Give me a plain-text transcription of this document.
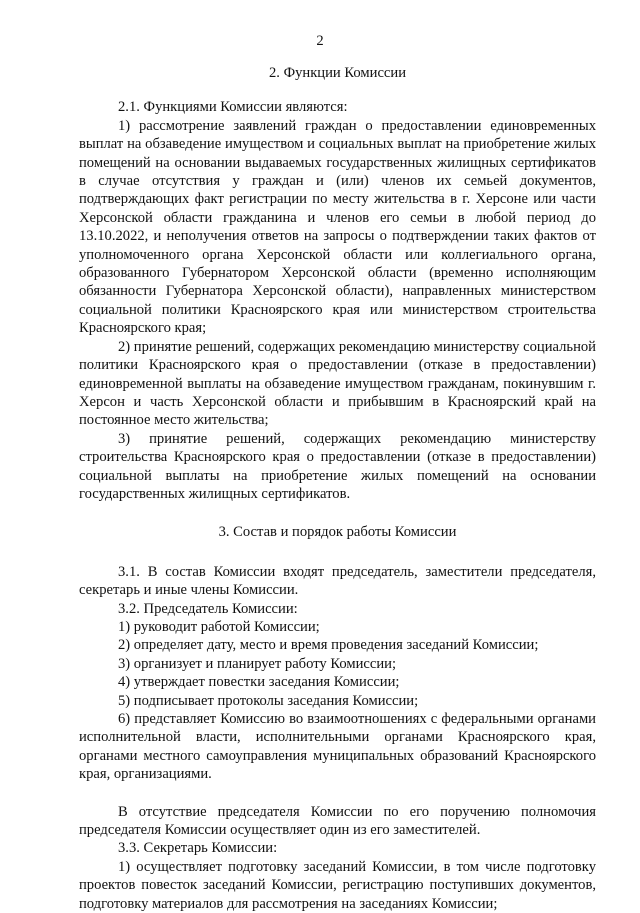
2
2. Функции Комиссии
2.1. Функциями Комиссии являются:
1) рассмотрение заявлений граждан о предоставлении единовременных выплат на обзаведение имуществом и социальных выплат на приобретение жилых помещений на основании выдаваемых государственных жилищных сертификатов в случае отсутствия у граждан и (или) членов их семьей документов, подтверждающих факт регистрации по месту жительства в г. Херсоне или части Херсонской области гражданина и членов его семьи в любой период до 13.10.2022, и неполучения ответов на запросы о подтверждении таких фактов от уполномоченного органа Херсонской области или коллегиального органа, образованного Губернатором Херсонской области (временно исполняющим обязанности Губернатора Херсонской области), направленных министерством социальной политики Красноярского края или министерством строительства Красноярского края;
2) принятие решений, содержащих рекомендацию министерству социальной политики Красноярского края о предоставлении (отказе в предоставлении) единовременной выплаты на обзаведение имуществом гражданам, покинувшим г. Херсон и часть Херсонской области и прибывшим в Красноярский край на постоянное место жительства;
3) принятие решений, содержащих рекомендацию министерству строительства Красноярского края о предоставлении (отказе в предоставлении) социальной выплаты на приобретение жилых помещений на основании государственных жилищных сертификатов.
3. Состав и порядок работы Комиссии
3.1. В состав Комиссии входят председатель, заместители председателя, секретарь и иные члены Комиссии.
3.2. Председатель Комиссии:
1) руководит работой Комиссии;
2) определяет дату, место и время проведения заседаний Комиссии;
3) организует и планирует работу Комиссии;
4) утверждает повестки заседания Комиссии;
5) подписывает протоколы заседания Комиссии;
6) представляет Комиссию во взаимоотношениях с федеральными органами исполнительной власти, исполнительными органами Красноярского края, органами местного самоуправления муниципальных образований Красноярского края, организациями.
В отсутствие председателя Комиссии по его поручению полномочия председателя Комиссии осуществляет один из его заместителей.
3.3. Секретарь Комиссии:
1) осуществляет подготовку заседаний Комиссии, в том числе подготовку проектов повесток заседаний Комиссии, регистрацию поступивших документов, подготовку материалов для рассмотрения на заседаниях Комиссии;
